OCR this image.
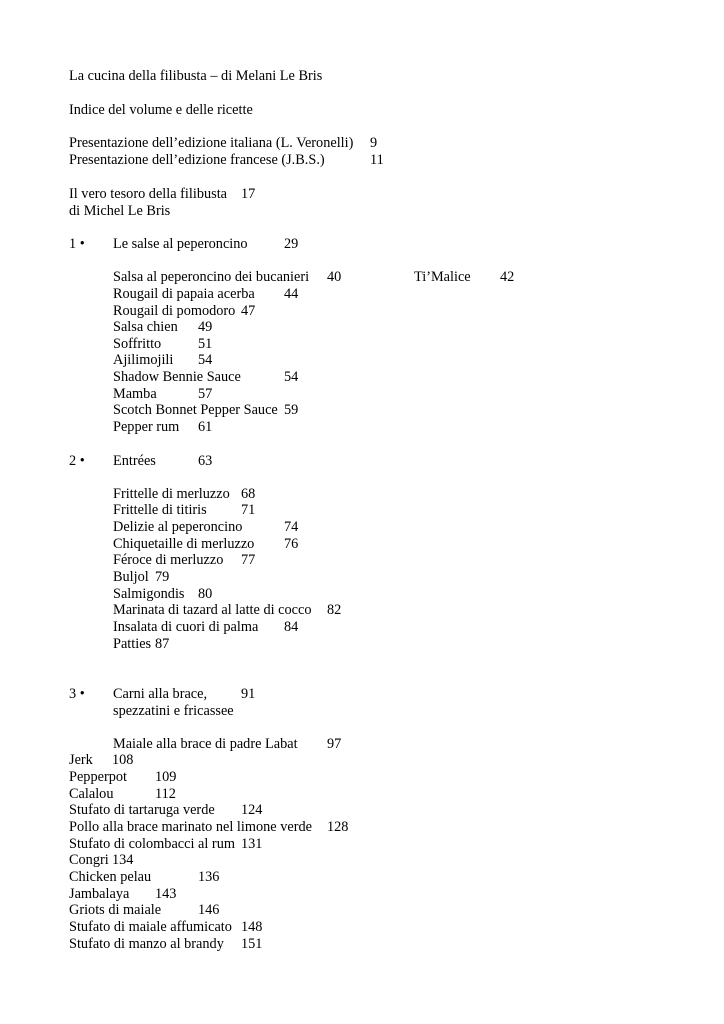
La cucina della filibusta – di Melani Le Bris
Indice del volume e delle ricette
Presentazione dell’edizione italiana (L. Veronelli) 9
Presentazione dell’edizione francese (J.B.S.)	11
Il vero tesoro della filibusta 17
di Michel Le Bris
1 • Le salse al peperoncino	29
Salsa al peperoncino dei bucanieri 40	Ti’Malice 42
Rougail di papaia acerba 44
Rougail di pomodoro 47
Salsa chien 49
Soffritto	51
Ajilimojili 54
Shadow Bennie Sauce	54
Mamba	57
Scotch Bonnet Pepper Sauce 59
Pepper rum 61
2 • Entrées	63
Frittelle di merluzzo 68
Frittelle di titiris 71
Delizie al peperoncino	74
Chiquetaille di merluzzo 76
Féroce di merluzzo 77
Buljol 79
Salmigondis 80
Marinata di tazard al latte di cocco 82
Insalata di cuori di palma 84
Patties 87
3 • Carni alla brace, 91
spezzatini e fricassee
Maiale alla brace di padre Labat 97
Jerk 108
Pepperpot 109
Calalou	112
Stufato di tartaruga verde 124
Pollo alla brace marinato nel limone verde 128
Stufato di colombacci al rum 131
Congri 134
Chicken pelau	136
Jambalaya 143
Griots di maiale	146
Stufato di maiale affumicato 148
Stufato di manzo al brandy 151
